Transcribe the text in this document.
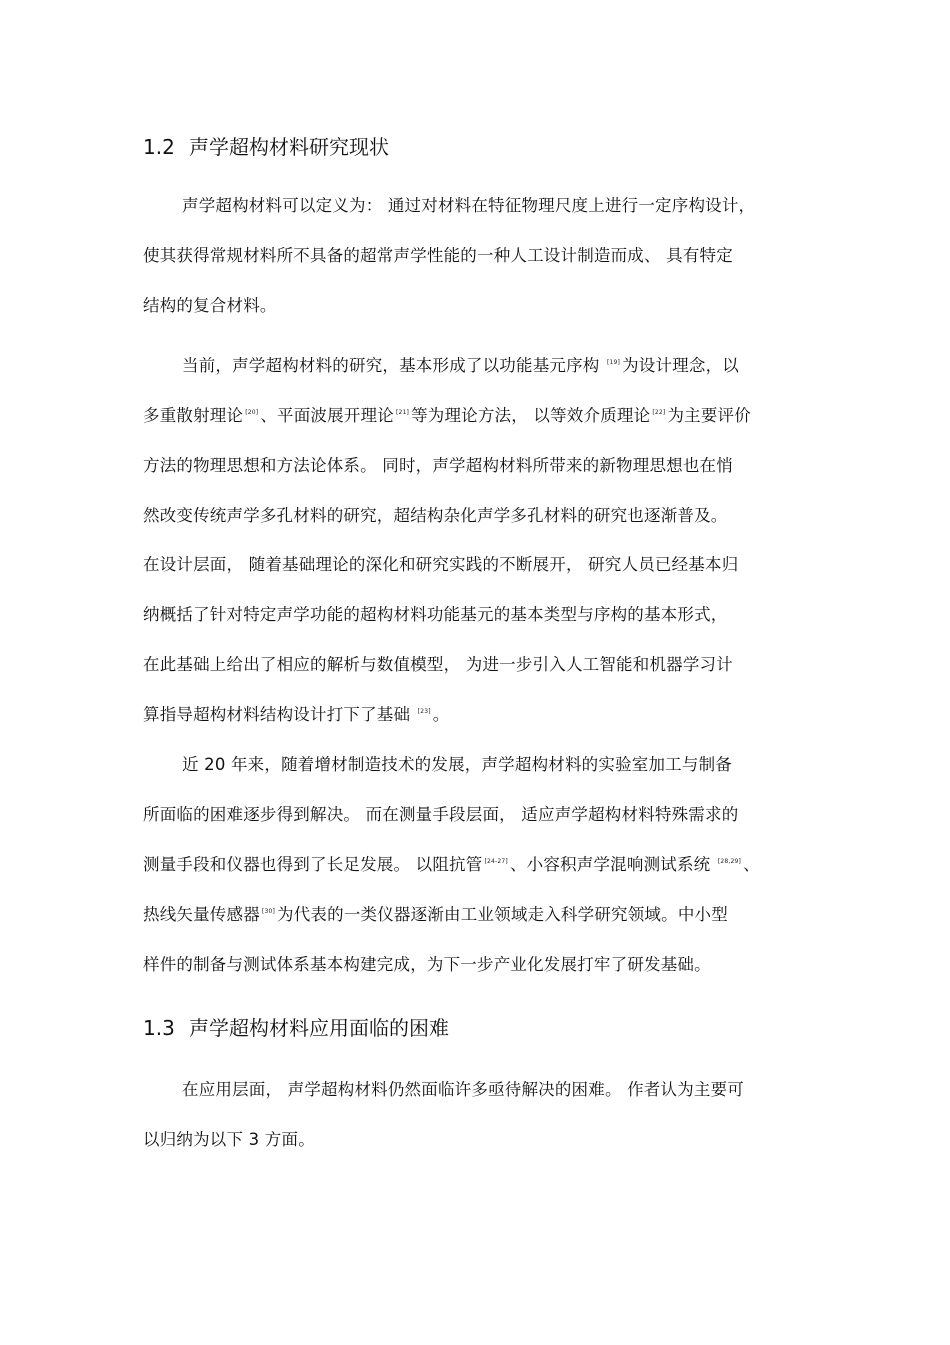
1.2 声学超构材料研究现状
声学超构材料可以定义为： 通过对材料在特征物理尺度上进行一定序构设计，
使其获得常规材料所不具备的超常声学性能的一种人工设计制造而成、 具有特定
结构的复合材料。
当前，声学超构材料的研究，基本形成了以功能基元序构 [19] 为设计理念，以
多重散射理论 [20] 、平面波展开理论 [21] 等为理论方法， 以等效介质理论 [22] 为主要评价
方法的物理思想和方法论体系。 同时，声学超构材料所带来的新物理思想也在悄
然改变传统声学多孔材料的研究，超结构杂化声学多孔材料的研究也逐渐普及。
在设计层面， 随着基础理论的深化和研究实践的不断展开， 研究人员已经基本归
纳概括了针对特定声学功能的超构材料功能基元的基本类型与序构的基本形式，
在此基础上给出了相应的解析与数值模型， 为进一步引入人工智能和机器学习计
算指导超构材料结构设计打下了基础 [23] 。
近 20 年来，随着增材制造技术的发展，声学超构材料的实验室加工与制备
所面临的困难逐步得到解决。 而在测量手段层面， 适应声学超构材料特殊需求的
测量手段和仪器也得到了长足发展。 以阻抗管 [24-27] 、小容积声学混响测试系统 [28,29] 、
热线矢量传感器 [30] 为代表的一类仪器逐渐由工业领域走入科学研究领域。中小型
样件的制备与测试体系基本构建完成，为下一步产业化发展打牢了研发基础。
1.3 声学超构材料应用面临的困难
在应用层面， 声学超构材料仍然面临许多亟待解决的困难。 作者认为主要可
以归纳为以下 3 方面。
